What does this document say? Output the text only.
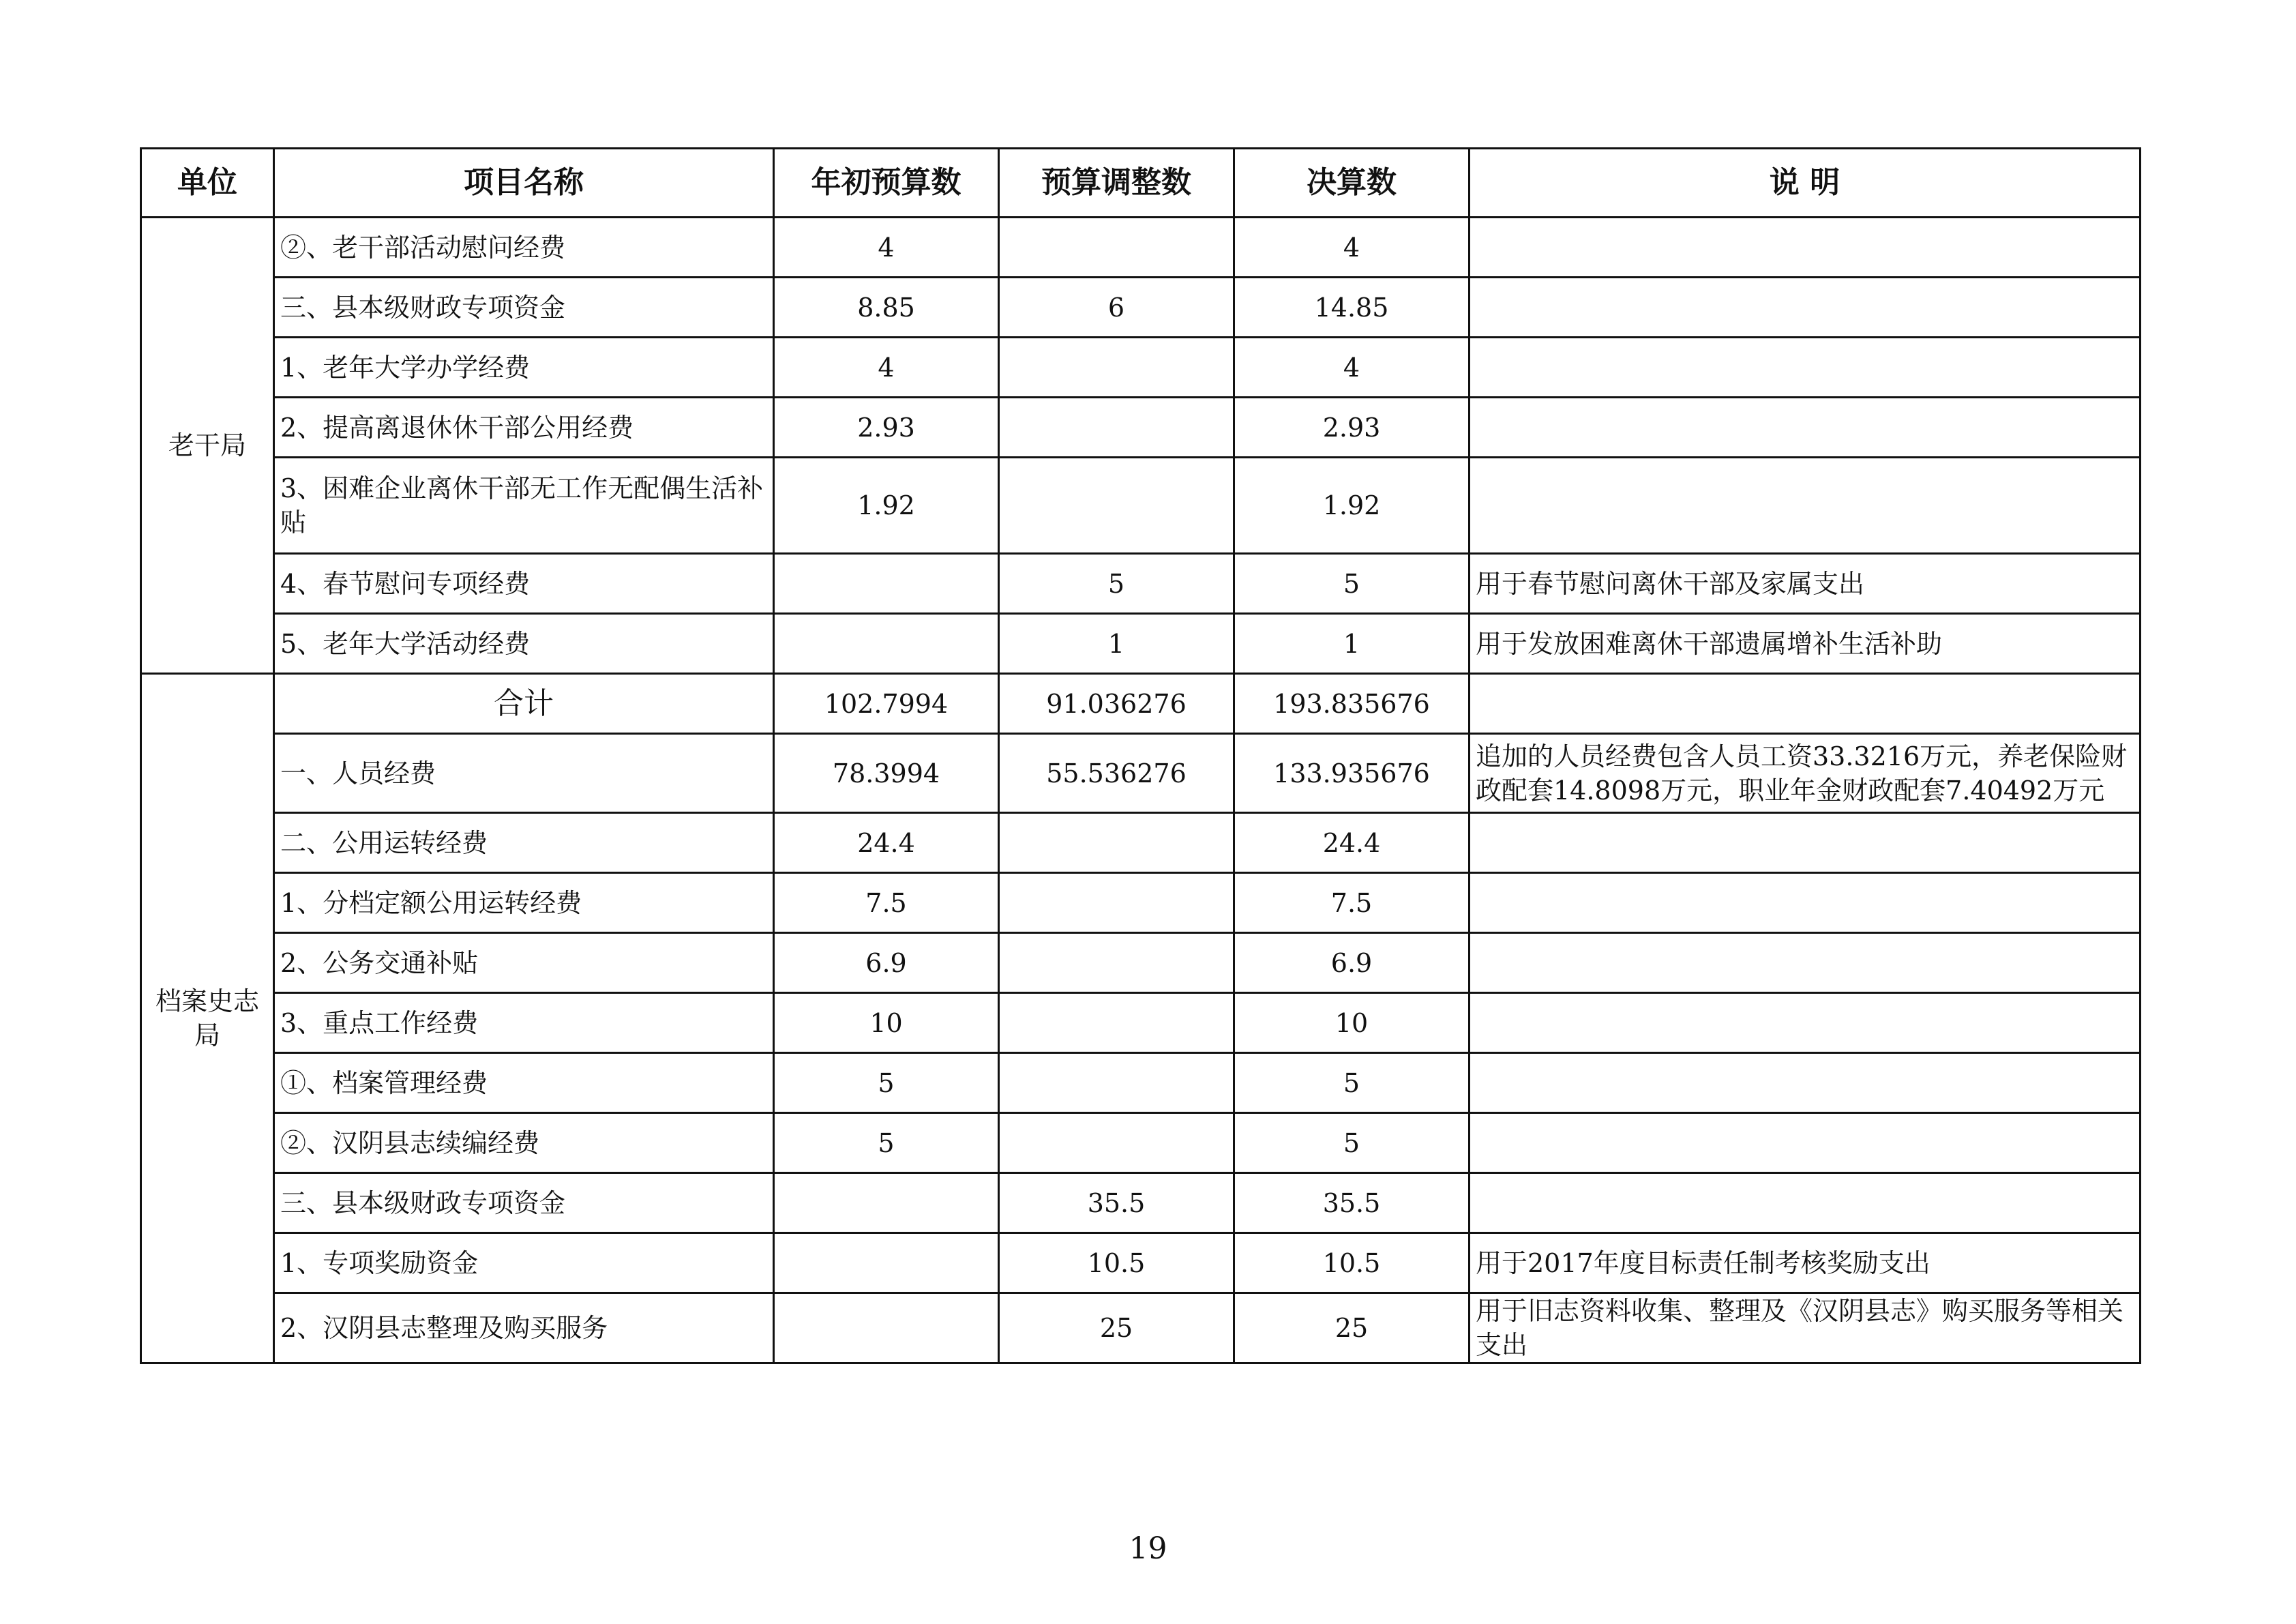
单位	项目名称	年初预算数	预算调整数	决算数	说 明
老干局	②、老干部活动慰问经费	4		4	
	三、县本级财政专项资金	8.85	6	14.85	
	1、老年大学办学经费	4		4	
	2、提高离退休休干部公用经费	2.93		2.93	
	3、困难企业离休干部无工作无配偶生活补贴	1.92		1.92	
	4、春节慰问专项经费		5	5	用于春节慰问离休干部及家属支出
	5、老年大学活动经费		1	1	用于发放困难离休干部遗属增补生活补助
档案史志局	合计	102.7994	91.036276	193.835676	
	一、人员经费	78.3994	55.536276	133.935676	追加的人员经费包含人员工资33.3216万元，养老保险财政配套14.8098万元，职业年金财政配套7.40492万元
	二、公用运转经费	24.4		24.4	
	1、分档定额公用运转经费	7.5		7.5	
	2、公务交通补贴	6.9		6.9	
	3、重点工作经费	10		10	
	①、档案管理经费	5		5	
	②、汉阴县志续编经费	5		5	
	三、县本级财政专项资金		35.5	35.5	
	1、专项奖励资金		10.5	10.5	用于2017年度目标责任制考核奖励支出
	2、汉阴县志整理及购买服务		25	25	用于旧志资料收集、整理及《汉阴县志》购买服务等相关支出
19
